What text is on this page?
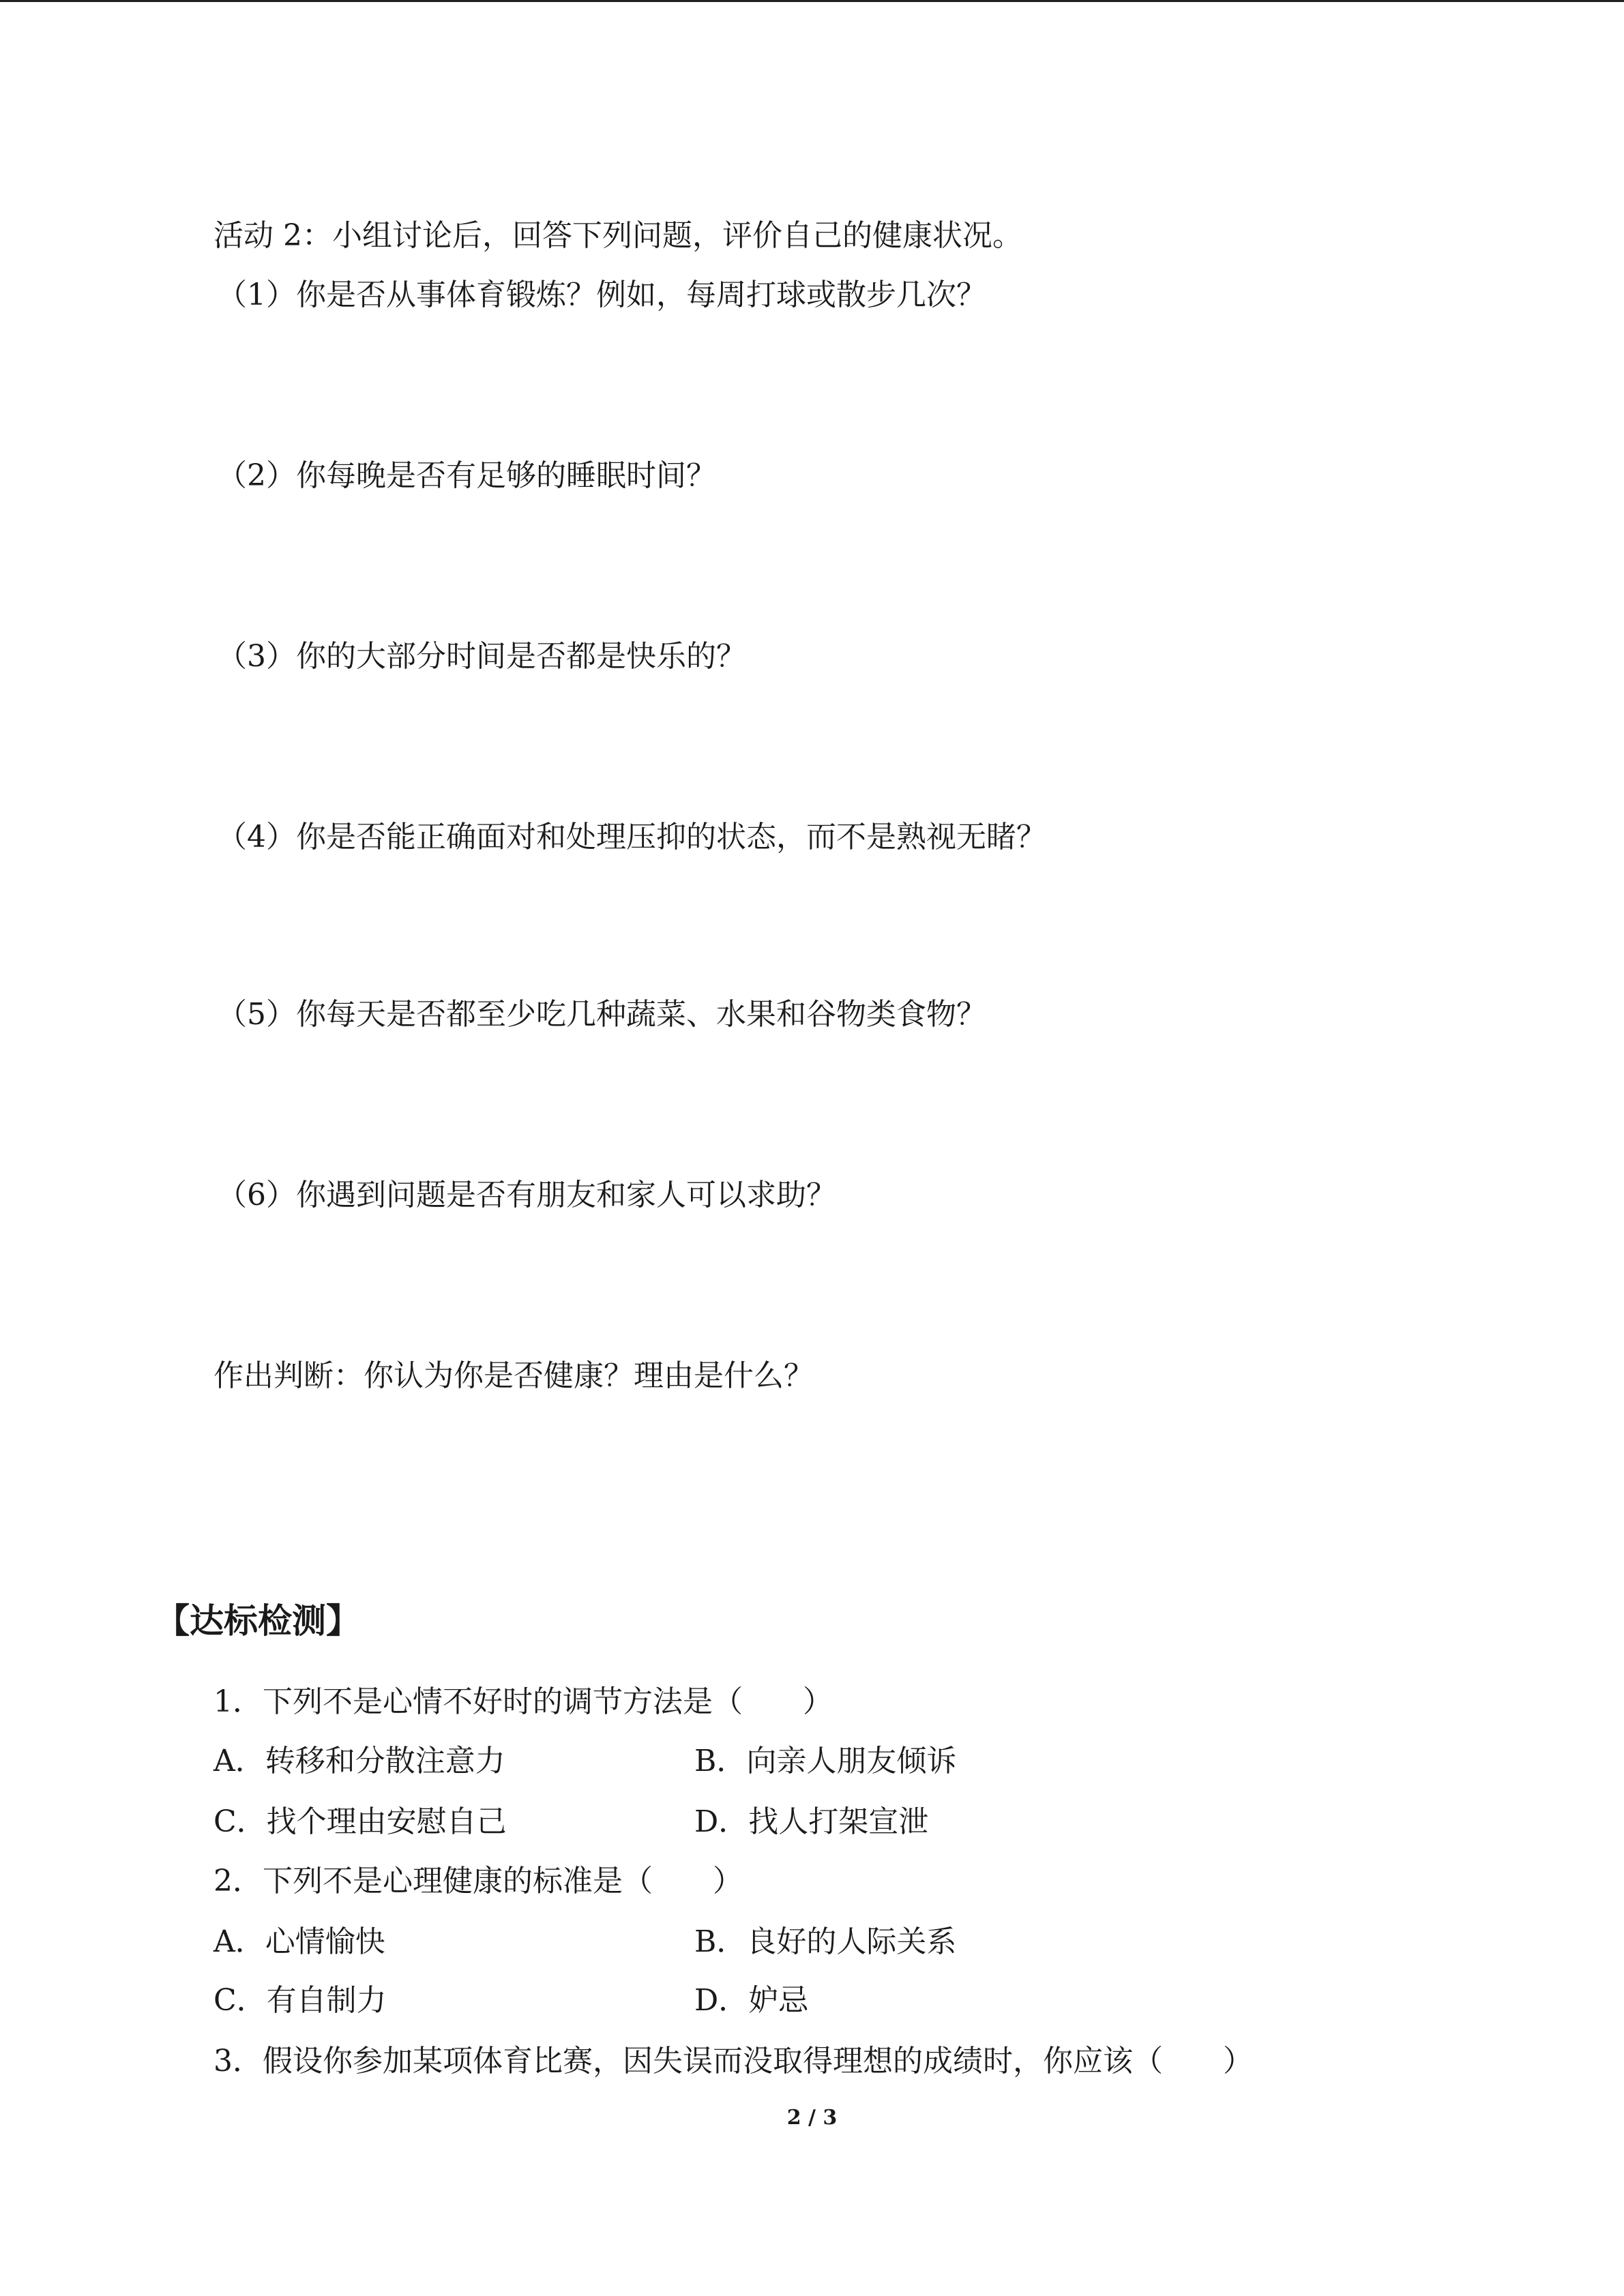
活动 2：小组讨论后，回答下列问题，评价自己的健康状况。
（1）你是否从事体育锻炼？例如，每周打球或散步几次？
（2）你每晚是否有足够的睡眠时间？
（3）你的大部分时间是否都是快乐的？
（4）你是否能正确面对和处理压抑的状态，而不是熟视无睹？
（5）你每天是否都至少吃几种蔬菜、水果和谷物类食物？
（6）你遇到问题是否有朋友和家人可以求助？
作出判断：你认为你是否健康？理由是什么？
【达标检测】
1．下列不是心情不好时的调节方法是（　　）
A．转移和分散注意力	B．向亲人朋友倾诉
C．找个理由安慰自己	D．找人打架宣泄
2．下列不是心理健康的标准是（　　）
A．心情愉快	B．良好的人际关系
C．有自制力	D．妒忌
3．假设你参加某项体育比赛，因失误而没取得理想的成绩时，你应该（　　）
2 / 3
